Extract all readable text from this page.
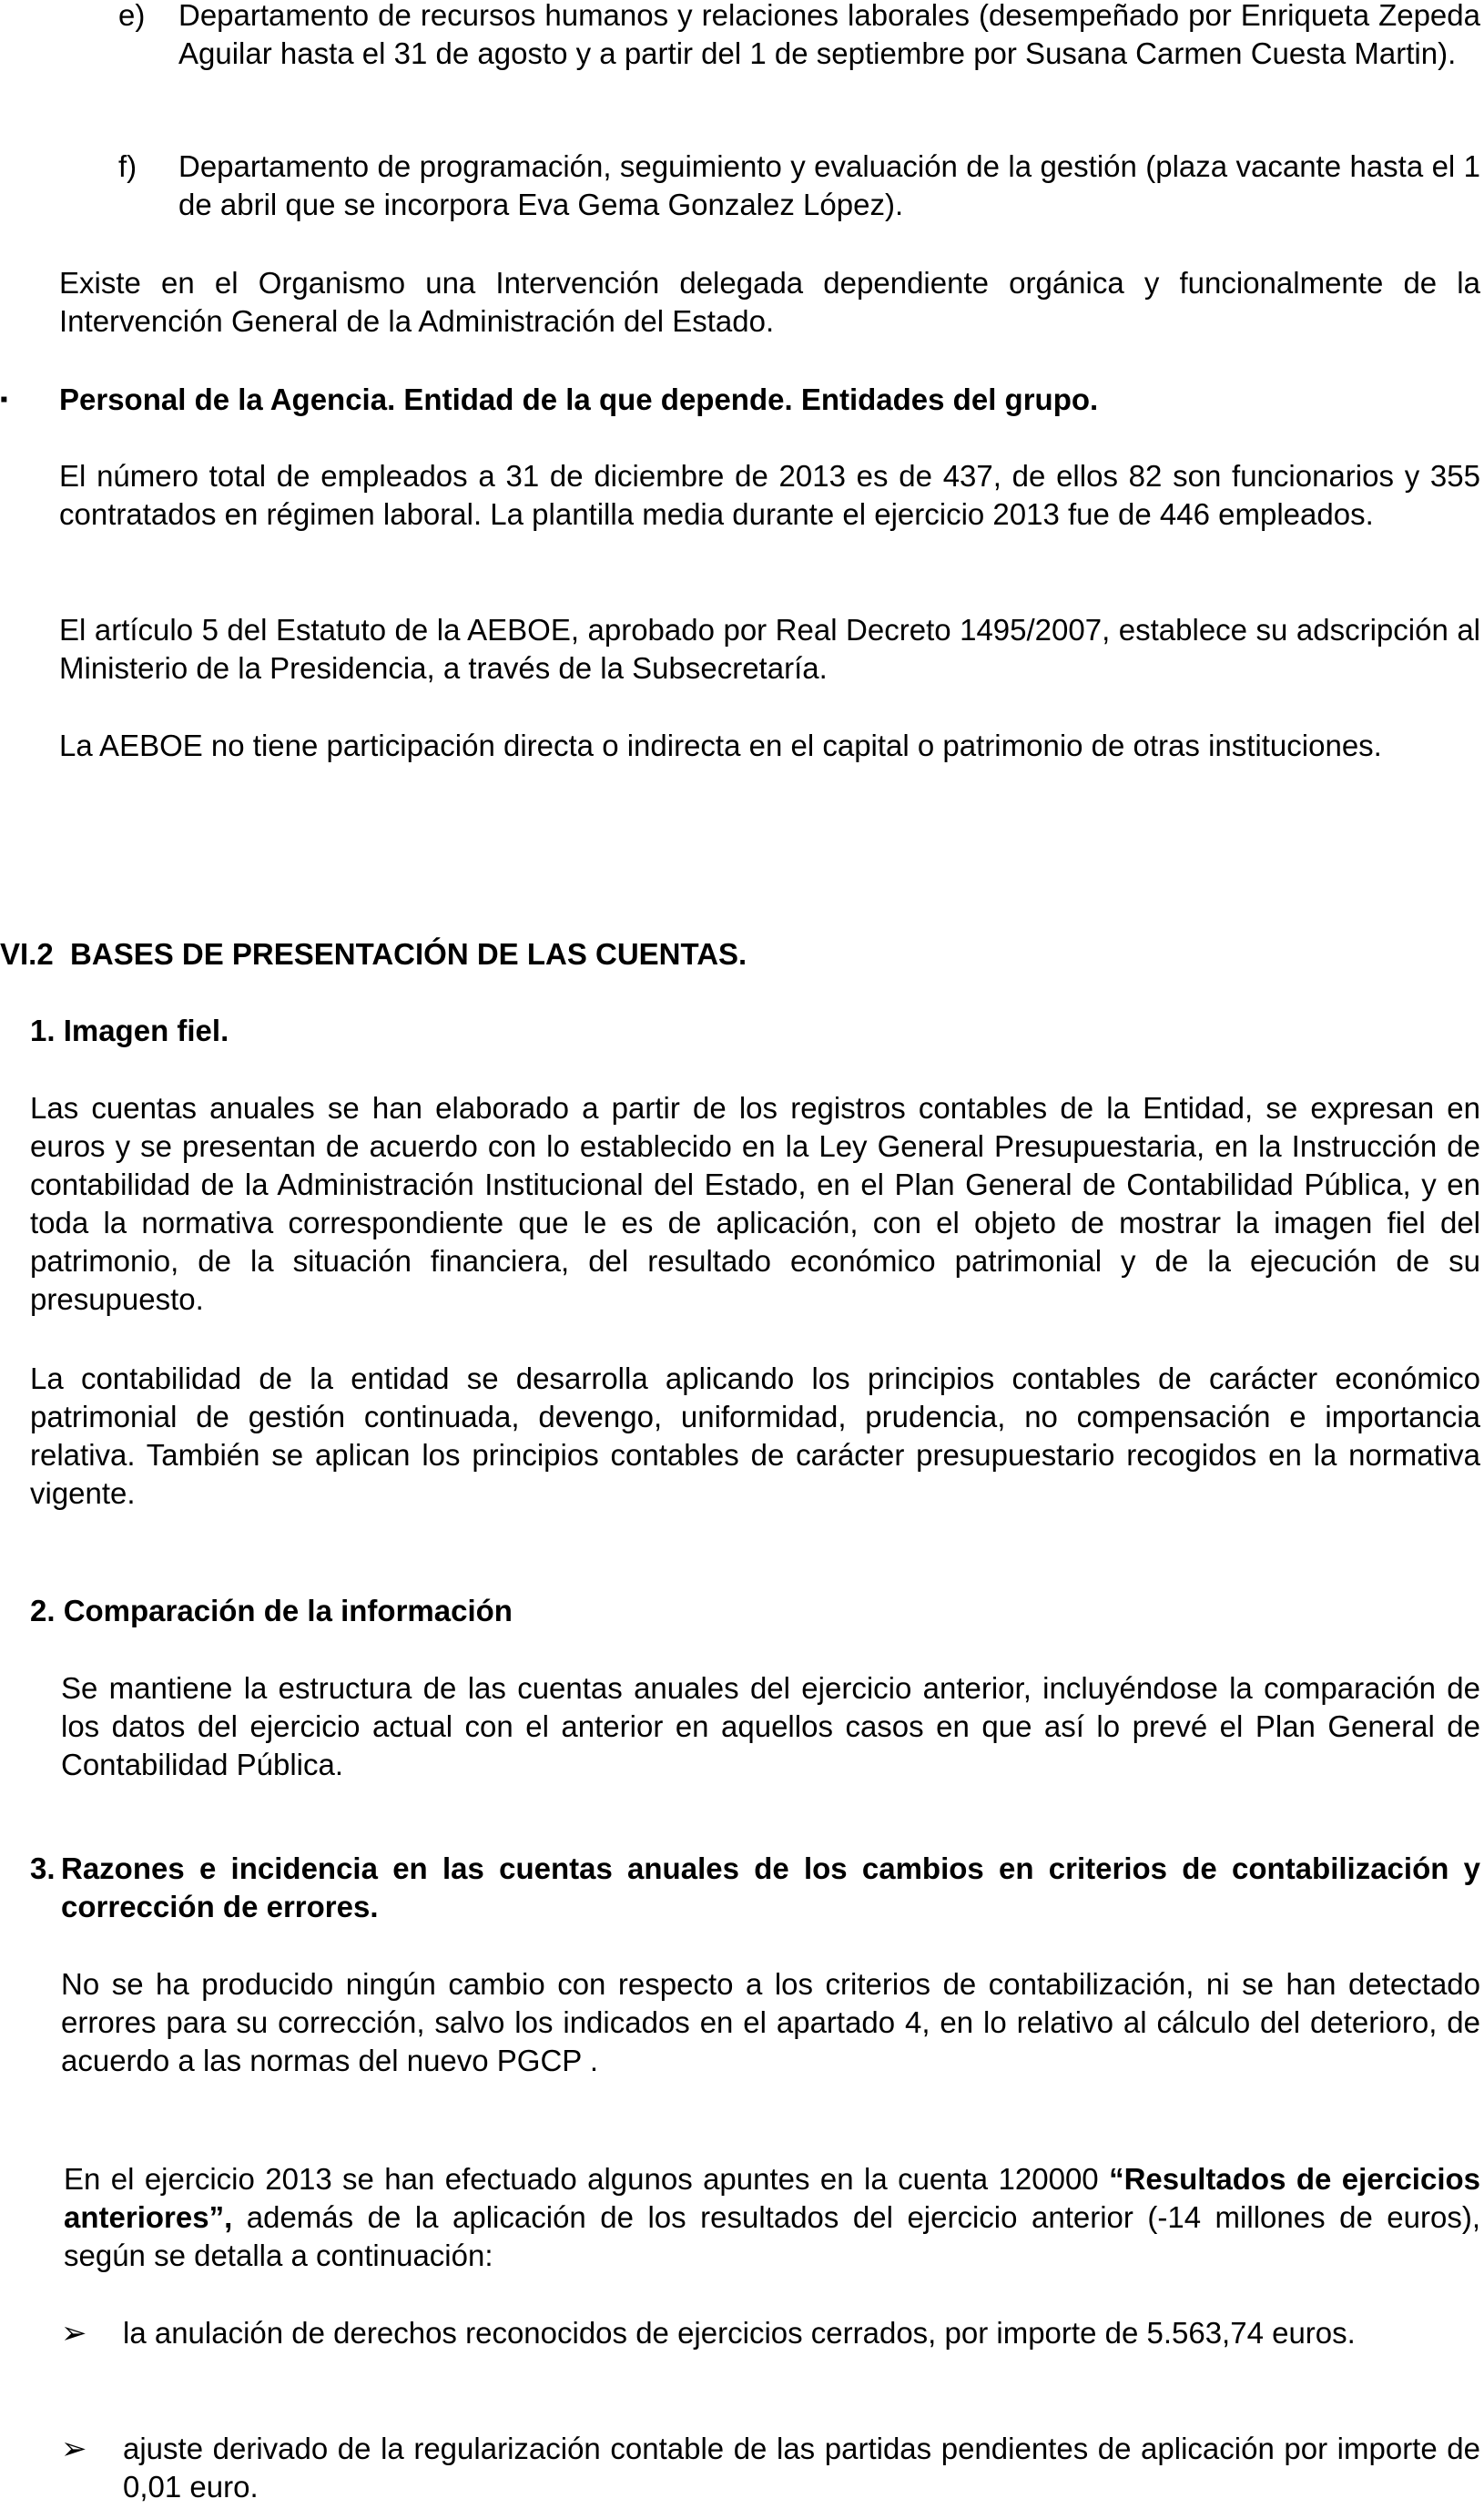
e) Departamento de recursos humanos y relaciones laborales (desempeñado por Enriqueta Zepeda Aguilar hasta el 31 de agosto y a partir del 1 de septiembre por Susana Carmen Cuesta Martin).

f) Departamento de programación, seguimiento y evaluación de la gestión (plaza vacante hasta el 1 de abril que se incorpora Eva Gema Gonzalez López).

Existe en el Organismo una Intervención delegada dependiente orgánica y funcionalmente de la Intervención General de la Administración del Estado.

▪ Personal de la Agencia. Entidad de la que depende. Entidades del grupo.

El número total de empleados a 31 de diciembre de 2013 es de 437, de ellos 82 son funcionarios y 355 contratados en régimen laboral. La plantilla media durante el ejercicio 2013 fue de 446 empleados.

El artículo 5 del Estatuto de la AEBOE, aprobado por Real Decreto 1495/2007, establece su adscripción al Ministerio de la Presidencia, a través de la Subsecretaría.

La AEBOE no tiene participación directa o indirecta en el capital o patrimonio de otras instituciones.

VI.2  BASES DE PRESENTACIÓN DE LAS CUENTAS.

1. Imagen fiel.

Las cuentas anuales se han elaborado a partir de los registros contables de la Entidad, se expresan en euros y se presentan de acuerdo con lo establecido en la Ley General Presupuestaria, en la Instrucción de contabilidad de la Administración Institucional del Estado, en el Plan General de Contabilidad Pública, y en toda la normativa correspondiente que le es de aplicación, con el objeto de mostrar la imagen fiel del patrimonio, de la situación financiera, del resultado económico patrimonial y de la ejecución de su presupuesto.

La contabilidad de la entidad se desarrolla aplicando los principios contables de carácter económico patrimonial de gestión continuada, devengo, uniformidad, prudencia, no compensación e importancia relativa. También se aplican los principios contables de carácter presupuestario recogidos en la normativa vigente.

2. Comparación de la información

Se mantiene la estructura de las cuentas anuales del ejercicio anterior, incluyéndose la comparación de los datos del ejercicio actual con el anterior en aquellos casos en que así lo prevé el Plan General de Contabilidad Pública.

3. Razones e incidencia en las cuentas anuales de los cambios en criterios de contabilización y corrección de errores.

No se ha producido ningún cambio con respecto a los criterios de contabilización, ni se han detectado errores para su corrección, salvo los indicados en el apartado 4, en lo relativo al cálculo del deterioro, de acuerdo a las normas del nuevo PGCP .

En el ejercicio 2013 se han efectuado algunos apuntes en la cuenta 120000 “Resultados de ejercicios anteriores”, además de la aplicación de los resultados del ejercicio anterior (-14 millones de euros), según se detalla a continuación:

➢ la anulación de derechos reconocidos de ejercicios cerrados, por importe de 5.563,74 euros.

➢ ajuste derivado de la regularización contable de las partidas pendientes de aplicación por importe de 0,01 euro.
